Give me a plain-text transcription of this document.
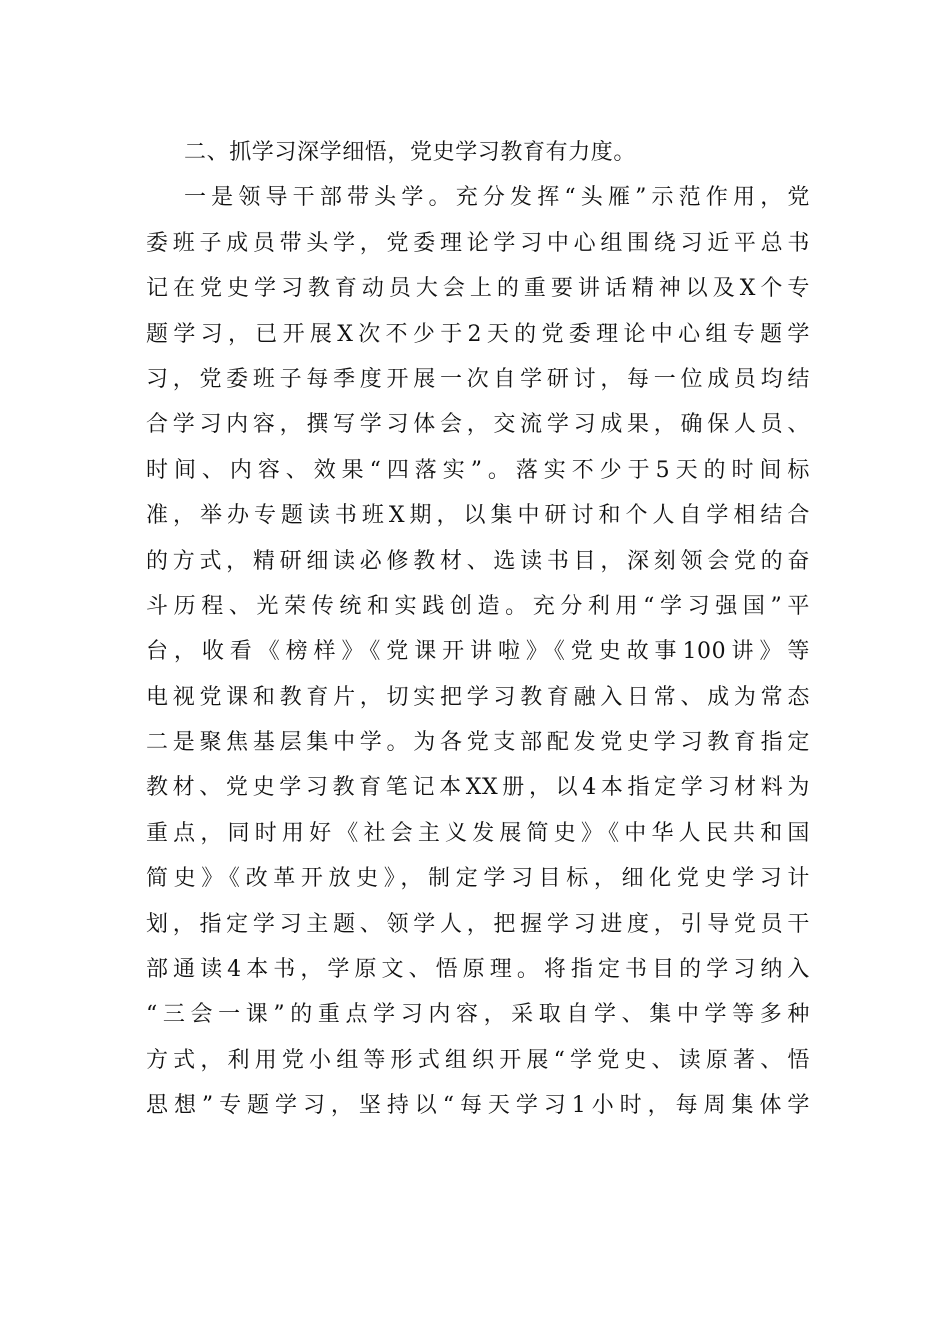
二、抓学习深学细悟，党史学习教育有力度。
一是领导干部带头学。充分发挥“头雁”示范作用，党
委班子成员带头学，党委理论学习中心组围绕习近平总书
记在党史学习教育动员大会上的重要讲话精神以及X个专
题学习，已开展X次不少于2天的党委理论中心组专题学
习，党委班子每季度开展一次自学研讨，每一位成员均结
合学习内容，撰写学习体会，交流学习成果，确保人员、
时间、内容、效果“四落实”。落实不少于5天的时间标
准，举办专题读书班X期，以集中研讨和个人自学相结合
的方式，精研细读必修教材、选读书目，深刻领会党的奋
斗历程、光荣传统和实践创造。充分利用“学习强国”平
台，收看《榜样》《党课开讲啦》《党史故事100讲》等
电视党课和教育片，切实把学习教育融入日常、成为常态
二是聚焦基层集中学。为各党支部配发党史学习教育指定
教材、党史学习教育笔记本XX册，以4本指定学习材料为
重点，同时用好《社会主义发展简史》《中华人民共和国
简史》《改革开放史》，制定学习目标，细化党史学习计
划，指定学习主题、领学人，把握学习进度，引导党员干
部通读4本书，学原文、悟原理。将指定书目的学习纳入
“三会一课”的重点学习内容，采取自学、集中学等多种
方式，利用党小组等形式组织开展“学党史、读原著、悟
思想”专题学习，坚持以“每天学习1小时，每周集体学
